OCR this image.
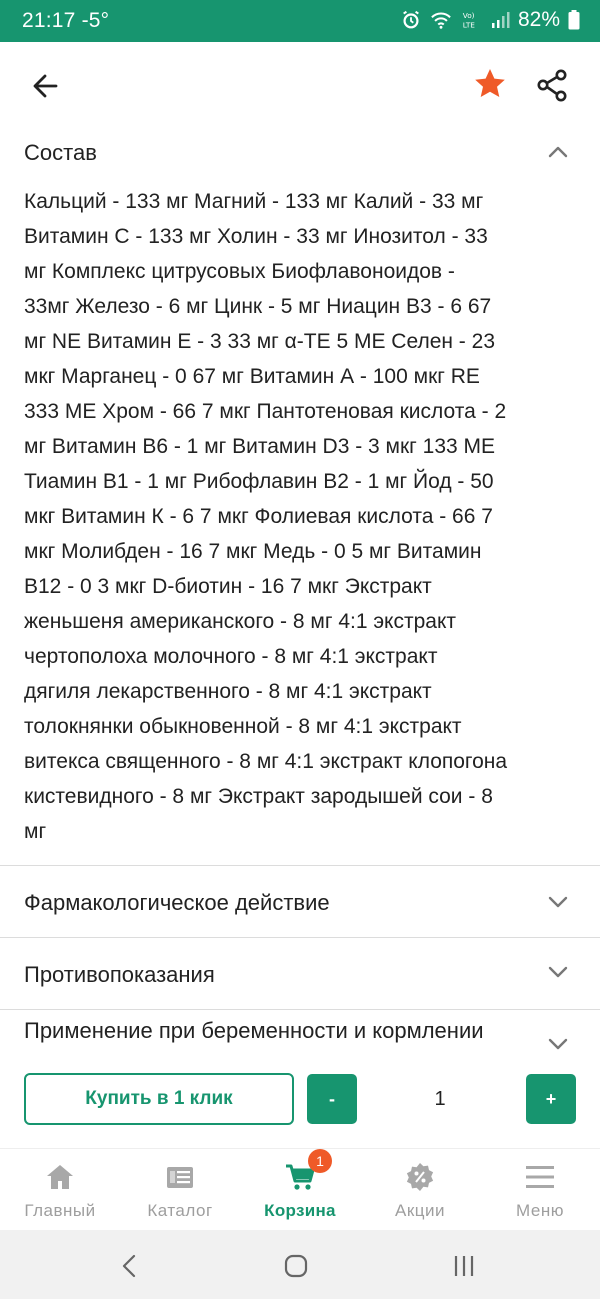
21:17 -5°	Vo)
LTE 82%
Состав
Кальций - 133 мг Магний - 133 мг Калий - 33 мг
Витамин С - 133 мг Холин - 33 мг Инозитол - 33
мг Комплекс цитрусовых Биофлавоноидов -
33мг Железо - 6 мг Цинк - 5 мг Ниацин В3 - 6 67
мг NE Витамин Е - 3 33 мг α-ТЕ 5 МЕ Селен - 23
мкг Марганец - 0 67 мг Витамин А - 100 мкг RE
333 МЕ Хром - 66 7 мкг Пантотеновая кислота - 2
мг Витамин В6 - 1 мг Витамин D3 - 3 мкг 133 МЕ
Тиамин В1 - 1 мг Рибофлавин В2 - 1 мг Йод - 50
мкг Витамин К - 6 7 мкг Фолиевая кислота - 66 7
мкг Молибден - 16 7 мкг Медь - 0 5 мг Витамин
В12 - 0 3 мкг D-биотин - 16 7 мкг Экстракт
женьшеня американского - 8 мг 4:1 экстракт
чертополоха молочного - 8 мг 4:1 экстракт
дягиля лекарственного - 8 мг 4:1 экстракт
толокнянки обыкновенной - 8 мг 4:1 экстракт
витекса священного - 8 мг 4:1 экстракт клопогона
кистевидного - 8 мг Экстракт зародышей сои - 8
мг
Фармакологическое действие
Противопоказания
Применение при беременности и кормлении
Купить в 1 клик	-	1	+
Главный	Каталог
1
Корзина	Акции	Меню
